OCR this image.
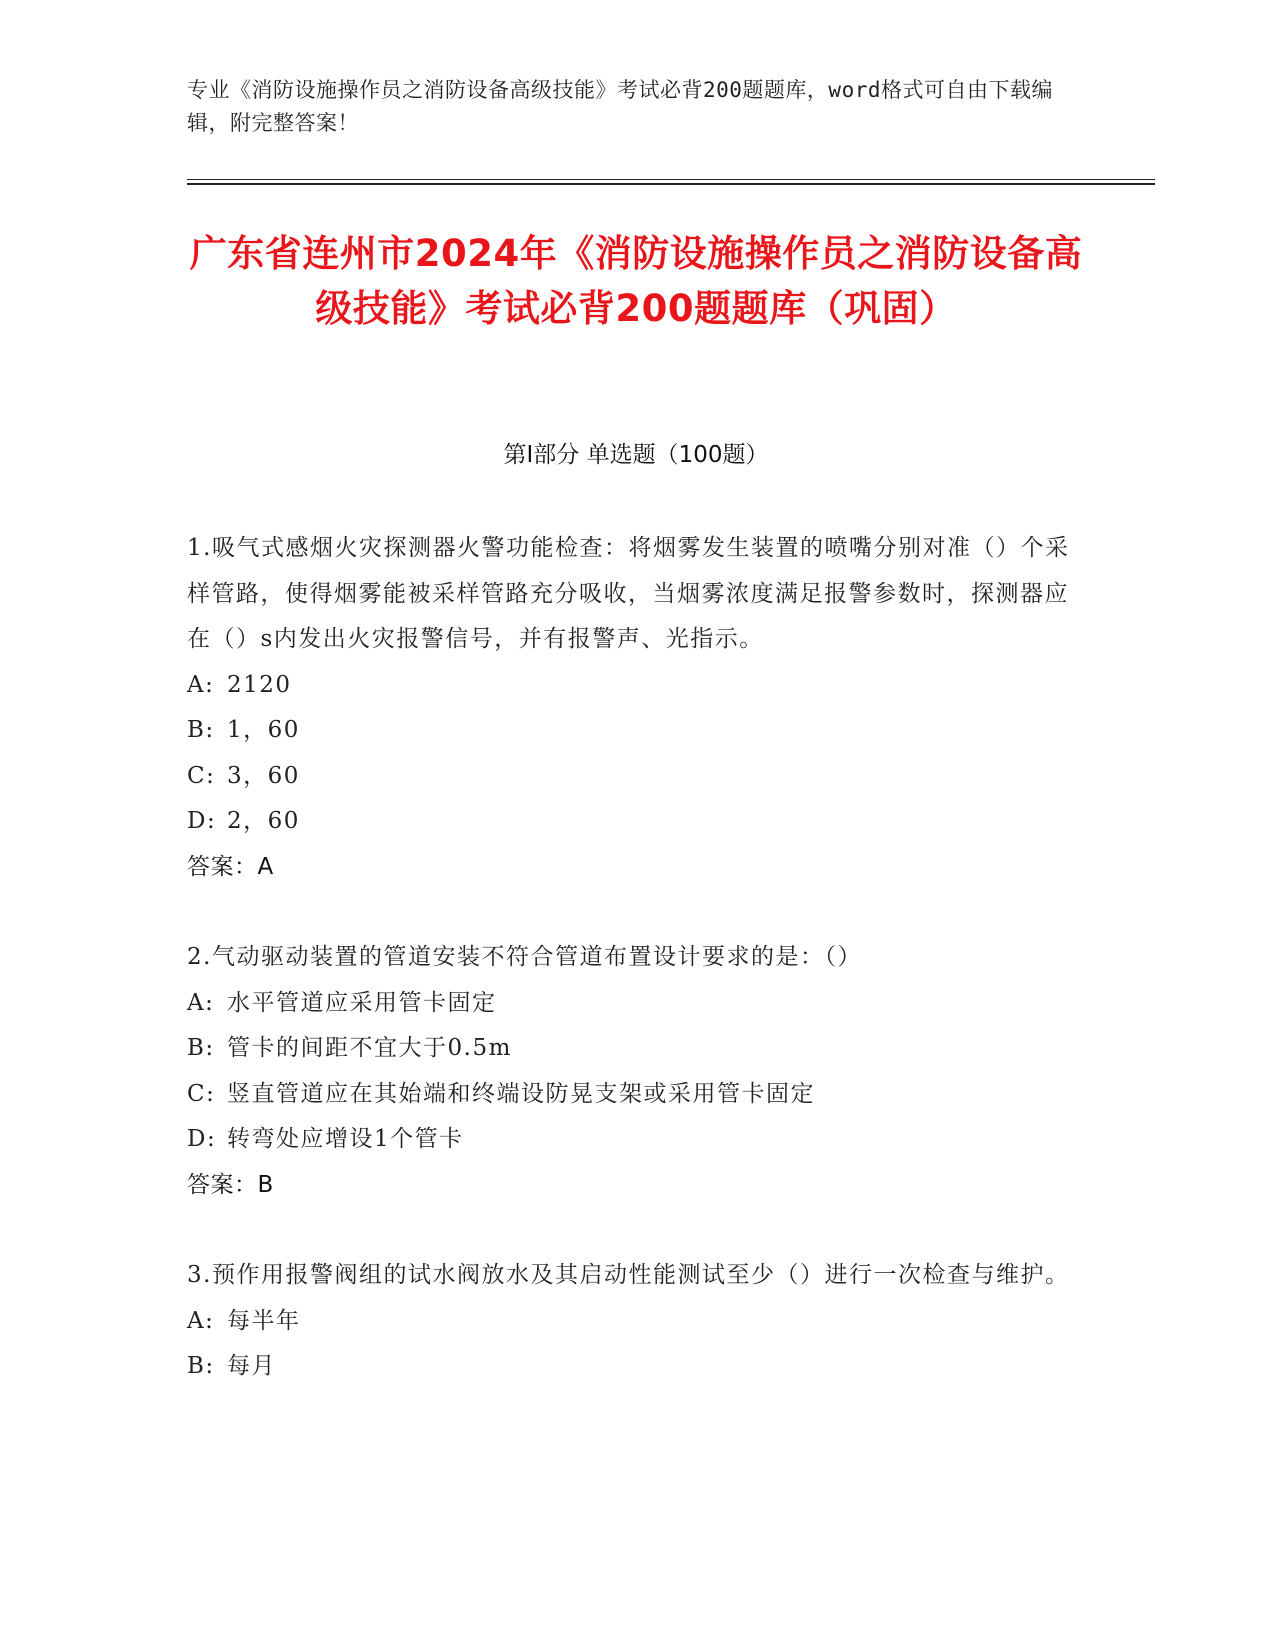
专业《消防设施操作员之消防设备高级技能》考试必背200题题库，word格式可自由下载编辑，附完整答案！
广东省连州市2024年《消防设施操作员之消防设备高级技能》考试必背200题题库（巩固）
第I部分 单选题（100题）

1.吸气式感烟火灾探测器火警功能检查：将烟雾发生装置的喷嘴分别对准（）个采样管路，使得烟雾能被采样管路充分吸收，当烟雾浓度满足报警参数时，探测器应在（）s内发出火灾报警信号，并有报警声、光指示。

A: 2120

B: 1，60

C: 3，60

D: 2，60

答案：A

2.气动驱动装置的管道安装不符合管道布置设计要求的是：（）

A: 水平管道应采用管卡固定

B: 管卡的间距不宜大于0.5m

C: 竖直管道应在其始端和终端设防晃支架或采用管卡固定

D: 转弯处应增设1个管卡

答案：B

3.预作用报警阀组的试水阀放水及其启动性能测试至少（）进行一次检查与维护。

A: 每半年

B: 每月
